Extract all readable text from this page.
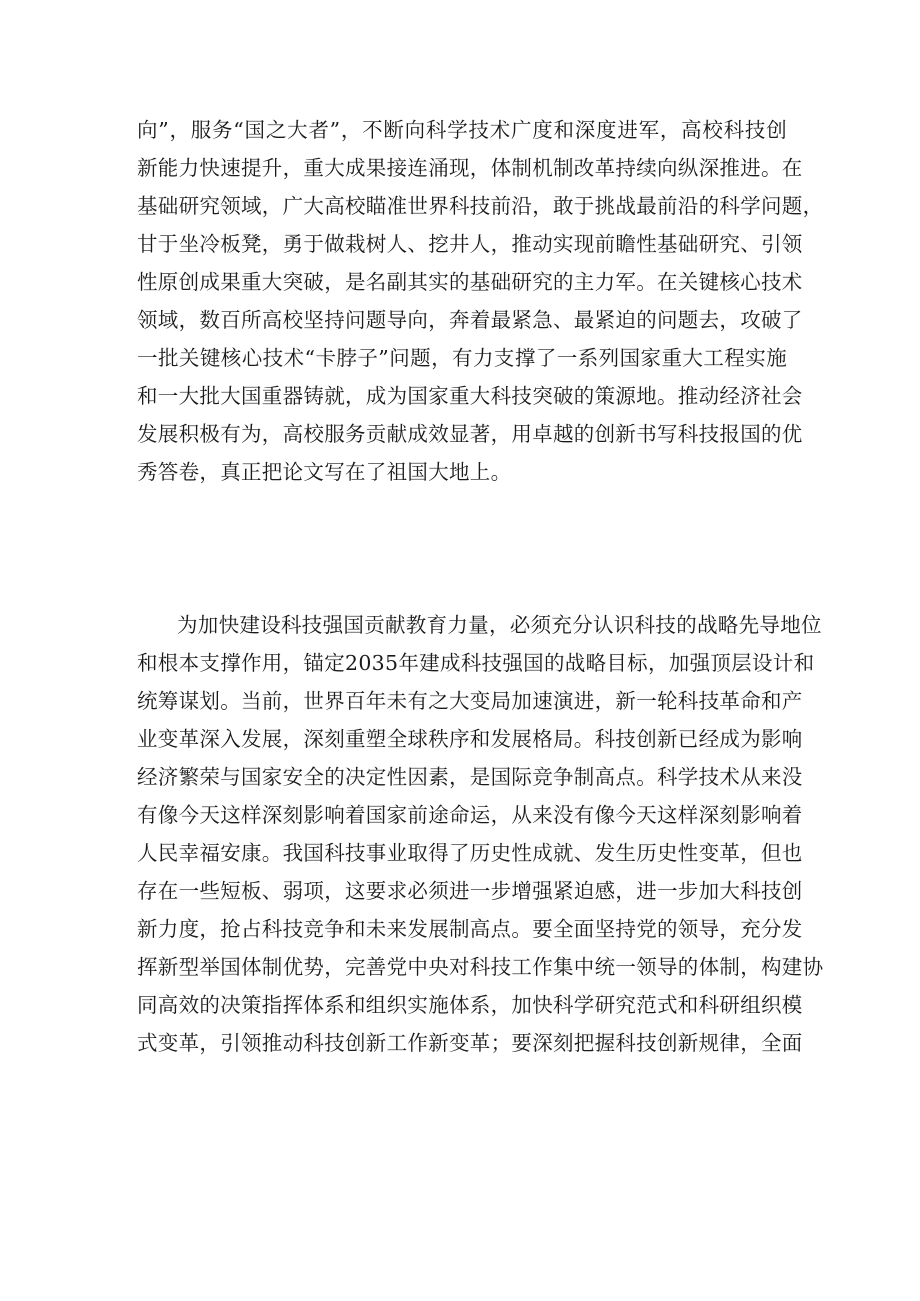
向”，服务“国之大者”，不断向科学技术广度和深度进军，高校科技创
新能力快速提升，重大成果接连涌现，体制机制改革持续向纵深推进。在
基础研究领域，广大高校瞄准世界科技前沿，敢于挑战最前沿的科学问题，
甘于坐冷板凳，勇于做栽树人、挖井人，推动实现前瞻性基础研究、引领
性原创成果重大突破，是名副其实的基础研究的主力军。在关键核心技术
领域，数百所高校坚持问题导向，奔着最紧急、最紧迫的问题去，攻破了
一批关键核心技术“卡脖子”问题，有力支撑了一系列国家重大工程实施
和一大批大国重器铸就，成为国家重大科技突破的策源地。推动经济社会
发展积极有为，高校服务贡献成效显著，用卓越的创新书写科技报国的优
秀答卷，真正把论文写在了祖国大地上。
为加快建设科技强国贡献教育力量，必须充分认识科技的战略先导地位
和根本支撑作用，锚定2035年建成科技强国的战略目标，加强顶层设计和
统筹谋划。当前，世界百年未有之大变局加速演进，新一轮科技革命和产
业变革深入发展，深刻重塑全球秩序和发展格局。科技创新已经成为影响
经济繁荣与国家安全的决定性因素，是国际竞争制高点。科学技术从来没
有像今天这样深刻影响着国家前途命运，从来没有像今天这样深刻影响着
人民幸福安康。我国科技事业取得了历史性成就、发生历史性变革，但也
存在一些短板、弱项，这要求必须进一步增强紧迫感，进一步加大科技创
新力度，抢占科技竞争和未来发展制高点。要全面坚持党的领导，充分发
挥新型举国体制优势，完善党中央对科技工作集中统一领导的体制，构建协
同高效的决策指挥体系和组织实施体系，加快科学研究范式和科研组织模
式变革，引领推动科技创新工作新变革；要深刻把握科技创新规律，全面
